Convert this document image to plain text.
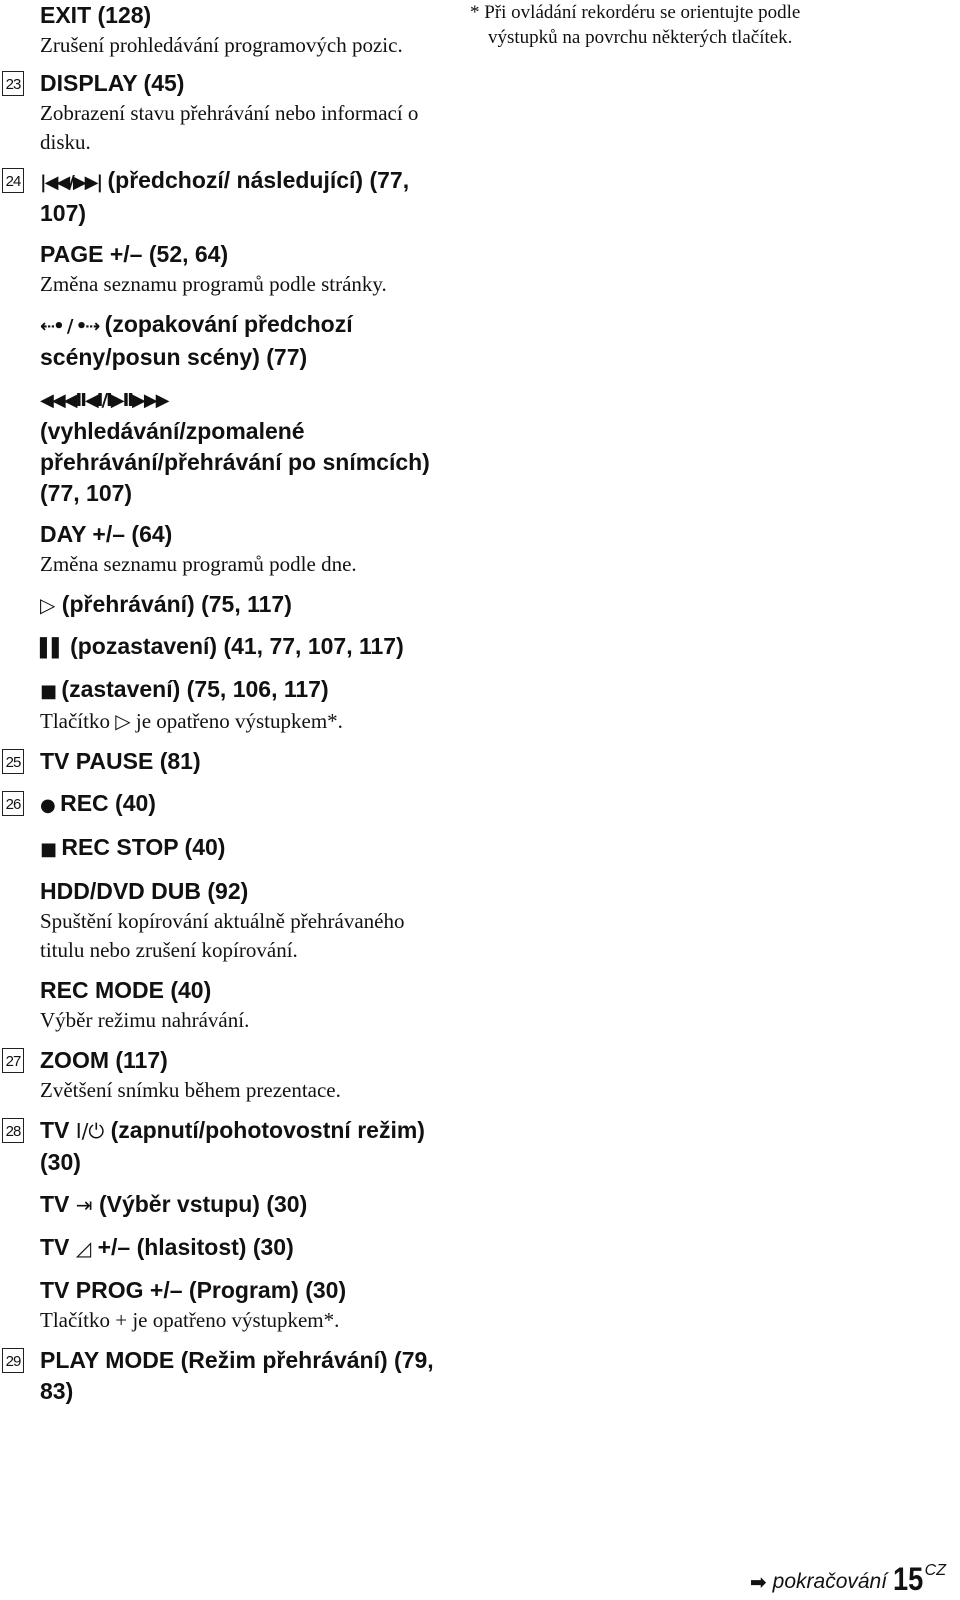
EXIT (128)
Zrušení prohledávání programových pozic.
23 DISPLAY (45)
Zobrazení stavu přehrávání nebo informací o disku.
24 |◀◀/▶▶| (předchozí/ následující) (77, 107)
PAGE +/– (52, 64)
Změna seznamu programů podle stránky.
⇠• / •⇢ (zopakování předchozí scény/posun scény) (77)
◀◀◀II◀I/I▶II▶▶▶
(vyhledávání/zpomalené přehrávání/přehrávání po snímcích) (77, 107)
DAY +/– (64)
Změna seznamu programů podle dne.
▷ (přehrávání) (75, 117)
▌▌ (pozastavení) (41, 77, 107, 117)
■ (zastavení) (75, 106, 117)
Tlačítko ▷ je opatřeno výstupkem*.
25 TV PAUSE (81)
26 ● REC (40)
■ REC STOP (40)
HDD/DVD DUB (92)
Spuštění kopírování aktuálně přehrávaného titulu nebo zrušení kopírování.
REC MODE (40)
Výběr režimu nahrávání.
27 ZOOM (117)
Zvětšení snímku během prezentace.
28 TV I/⏻ (zapnutí/pohotovostní režim) (30)
TV ⇥ (Výběr vstupu) (30)
TV ◿ +/– (hlasitost) (30)
TV PROG +/– (Program) (30)
Tlačítko + je opatřeno výstupkem*.
29 PLAY MODE (Režim přehrávání) (79, 83)

* Při ovládání rekordéru se orientujte podle výstupků na povrchu některých tlačítek.

➡ pokračování 15 CZ
